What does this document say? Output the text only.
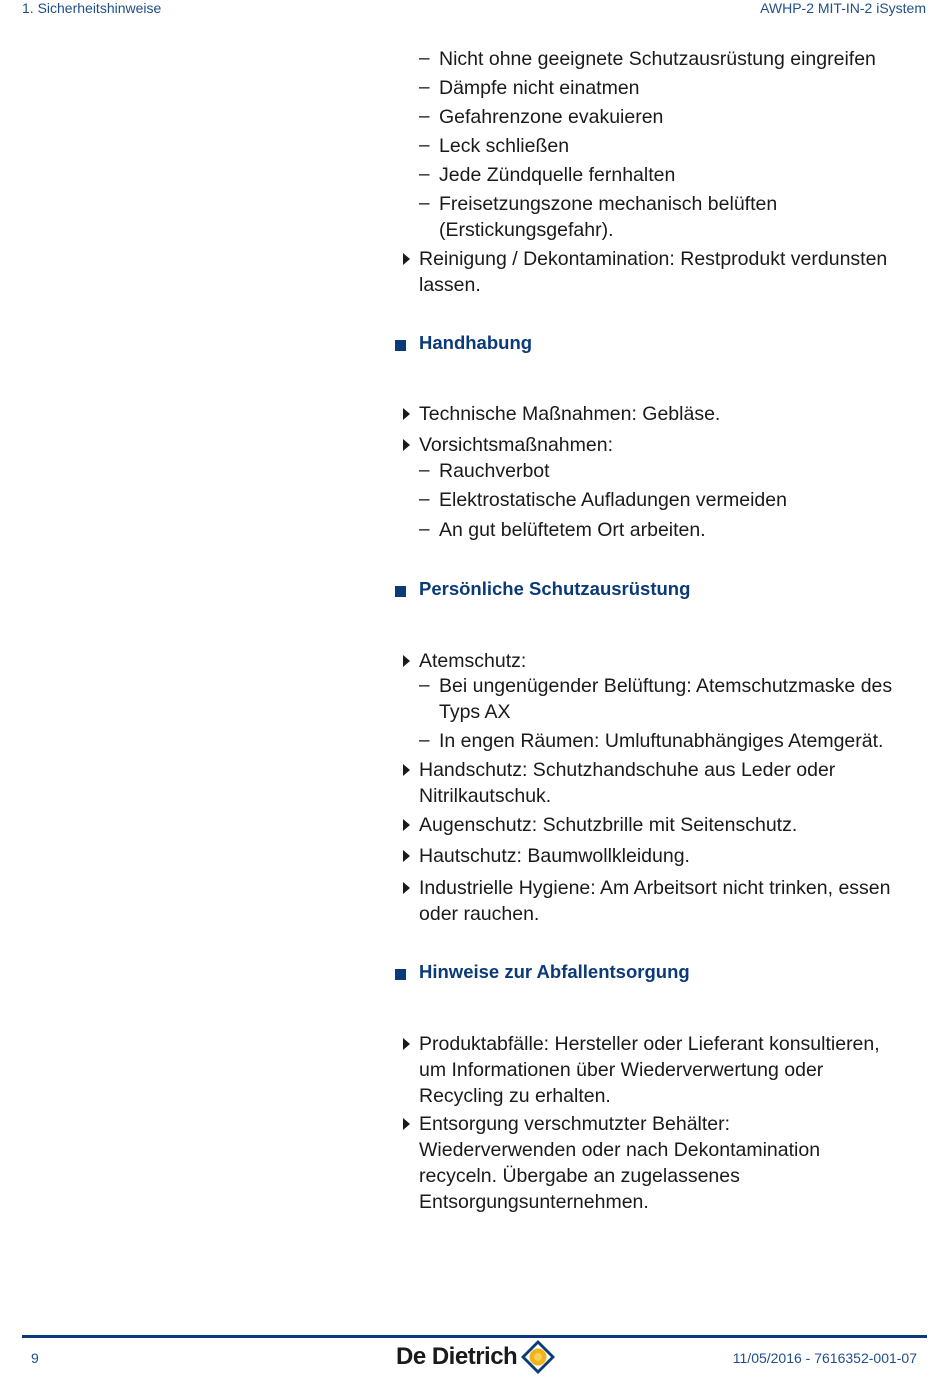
1. Sicherheitshinweise	AWHP-2 MIT-IN-2 iSystem
– Nicht ohne geeignete Schutzausrüstung eingreifen
– Dämpfe nicht einatmen
– Gefahrenzone evakuieren
– Leck schließen
– Jede Zündquelle fernhalten
– Freisetzungszone mechanisch belüften
(Erstickungsgefahr).
Reinigung / Dekontamination: Restprodukt verdunsten
lassen.
Handhabung
Technische Maßnahmen: Gebläse.
Vorsichtsmaßnahmen:
– Rauchverbot
– Elektrostatische Aufladungen vermeiden
– An gut belüftetem Ort arbeiten.
Persönliche Schutzausrüstung
Atemschutz:
– Bei ungenügender Belüftung: Atemschutzmaske des
Typs AX
– In engen Räumen: Umluftunabhängiges Atemgerät.
Handschutz: Schutzhandschuhe aus Leder oder
Nitrilkautschuk.
Augenschutz: Schutzbrille mit Seitenschutz.
Hautschutz: Baumwollkleidung.
Industrielle Hygiene: Am Arbeitsort nicht trinken, essen
oder rauchen.
Hinweise zur Abfallentsorgung
Produktabfälle: Hersteller oder Lieferant konsultieren,
um Informationen über Wiederverwertung oder
Recycling zu erhalten.
Entsorgung verschmutzter Behälter:
Wiederverwenden oder nach Dekontamination
recyceln. Übergabe an zugelassenes
Entsorgungsunternehmen.
9	De Dietrich	11/05/2016 - 7616352-001-07
